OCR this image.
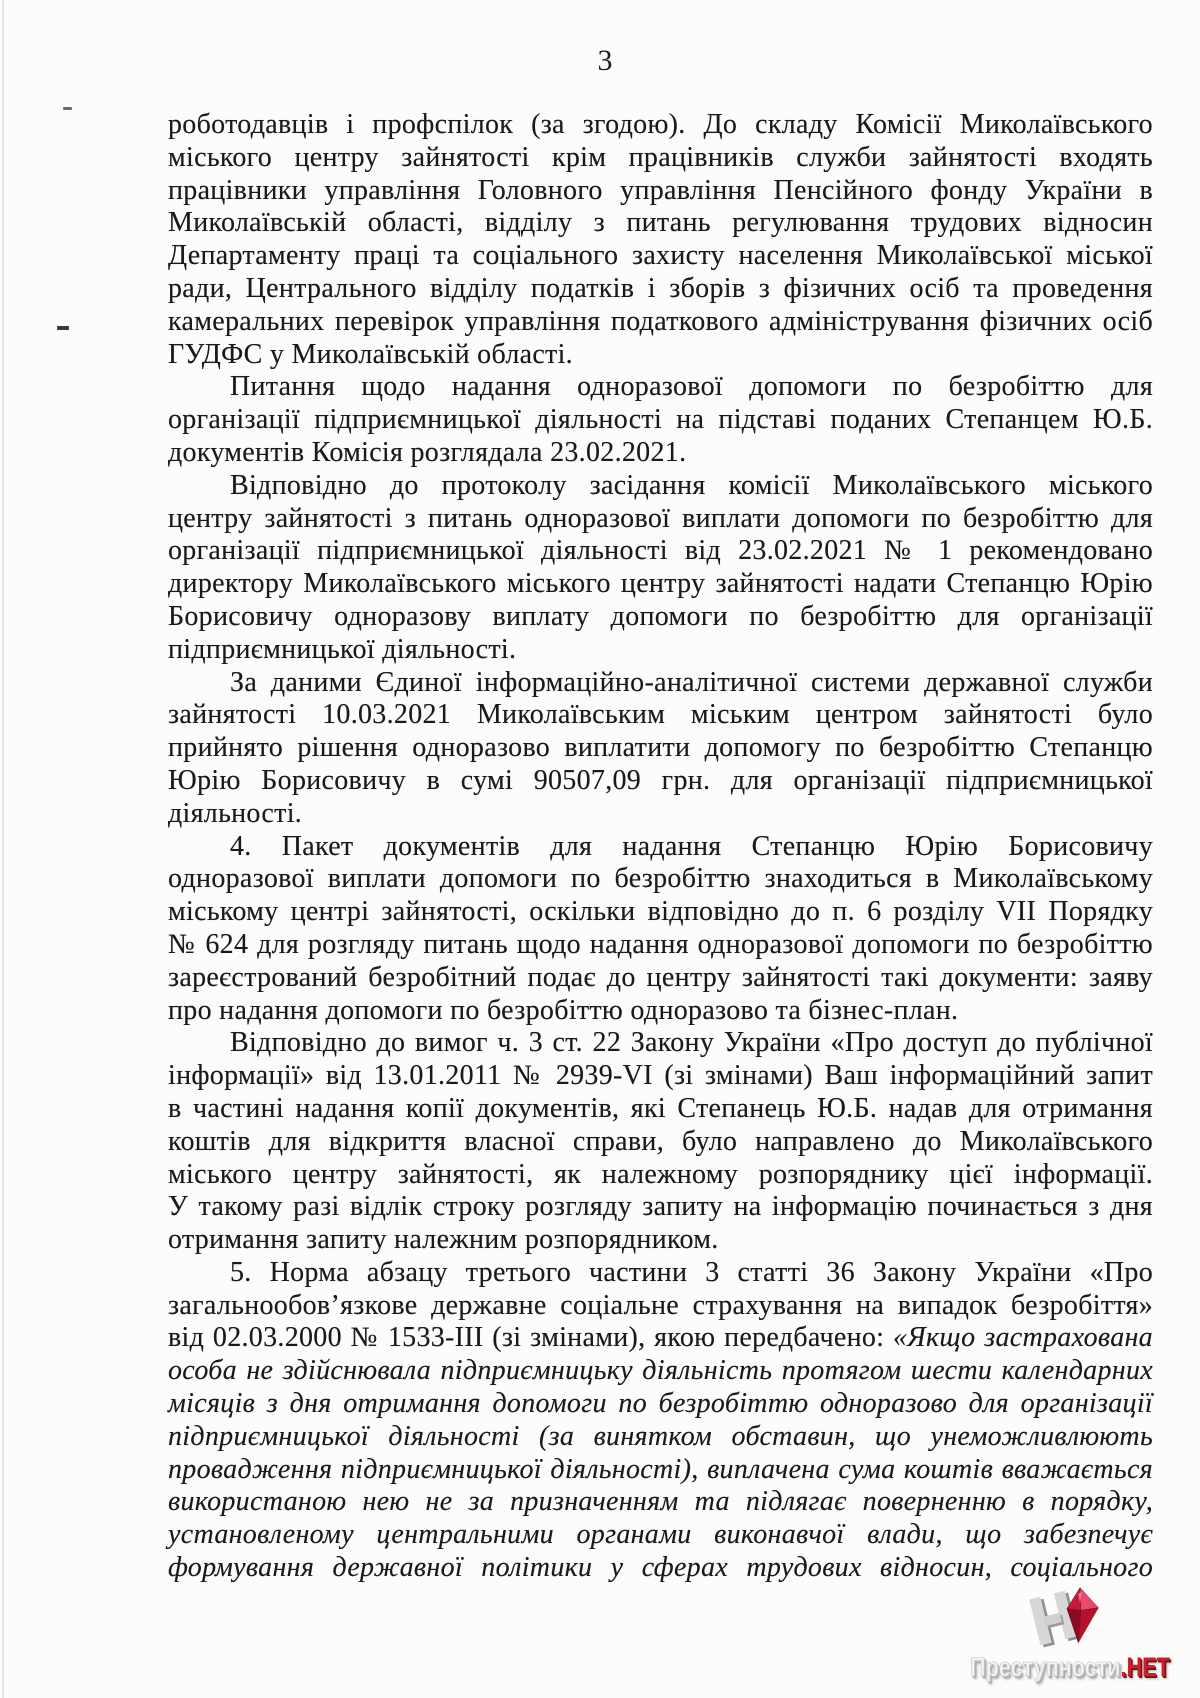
3
роботодавців і профспілок (за згодою). До складу Комісії Миколаївського
міського центру зайнятості крім працівників служби зайнятості входять
працівники управління Головного управління Пенсійного фонду України в
Миколаївській області, відділу з питань регулювання трудових відносин
Департаменту праці та соціального захисту населення Миколаївської міської
ради, Центрального відділу податків і зборів з фізичних осіб та проведення
камеральних перевірок управління податкового адміністрування фізичних осіб
ГУДФС у Миколаївській області.
Питання щодо надання одноразової допомоги по безробіттю для
організації підприємницької діяльності на підставі поданих Степанцем Ю.Б.
документів Комісія розглядала 23.02.2021.
Відповідно до протоколу засідання комісії Миколаївського міського
центру зайнятості з питань одноразової виплати допомоги по безробіттю для
організації підприємницької діяльності від 23.02.2021 № 1 рекомендовано
директору Миколаївського міського центру зайнятості надати Степанцю Юрію
Борисовичу одноразову виплату допомоги по безробіттю для організації
підприємницької діяльності.
За даними Єдиної інформаційно-аналітичної системи державної служби
зайнятості 10.03.2021 Миколаївським міським центром зайнятості було
прийнято рішення одноразово виплатити допомогу по безробіттю Степанцю
Юрію Борисовичу в сумі 90507,09 грн. для організації підприємницької
діяльності.
4. Пакет документів для надання Степанцю Юрію Борисовичу
одноразової виплати допомоги по безробіттю знаходиться в Миколаївському
міському центрі зайнятості, оскільки відповідно до п. 6 розділу VII Порядку
№ 624 для розгляду питань щодо надання одноразової допомоги по безробіттю
зареєстрований безробітний подає до центру зайнятості такі документи: заяву
про надання допомоги по безробіттю одноразово та бізнес-план.
Відповідно до вимог ч. 3 ст. 22 Закону України «Про доступ до публічної
інформації» від 13.01.2011 № 2939-VI (зі змінами) Ваш інформаційний запит
в частині надання копії документів, які Степанець Ю.Б. надав для отримання
коштів для відкриття власної справи, було направлено до Миколаївського
міського центру зайнятості, як належному розпоряднику цієї інформації.
У такому разі відлік строку розгляду запиту на інформацію починається з дня
отримання запиту належним розпорядником.
5. Норма абзацу третього частини 3 статті 36 Закону України «Про
загальнообов’язкове державне соціальне страхування на випадок безробіття»
від 02.03.2000 № 1533-III (зі змінами), якою передбачено: «Якщо застрахована
особа не здійснювала підприємницьку діяльність протягом шести календарних
місяців з дня отримання допомоги по безробіттю одноразово для організації
підприємницької діяльності (за винятком обставин, що унеможливлюють
провадження підприємницької діяльності), виплачена сума коштів вважається
використаною нею не за призначенням та підлягає поверненню в порядку,
установленому центральними органами виконавчої влади, що забезпечує
формування державної політики у сферах трудових відносин, соціального
Преступности.НЕТ
